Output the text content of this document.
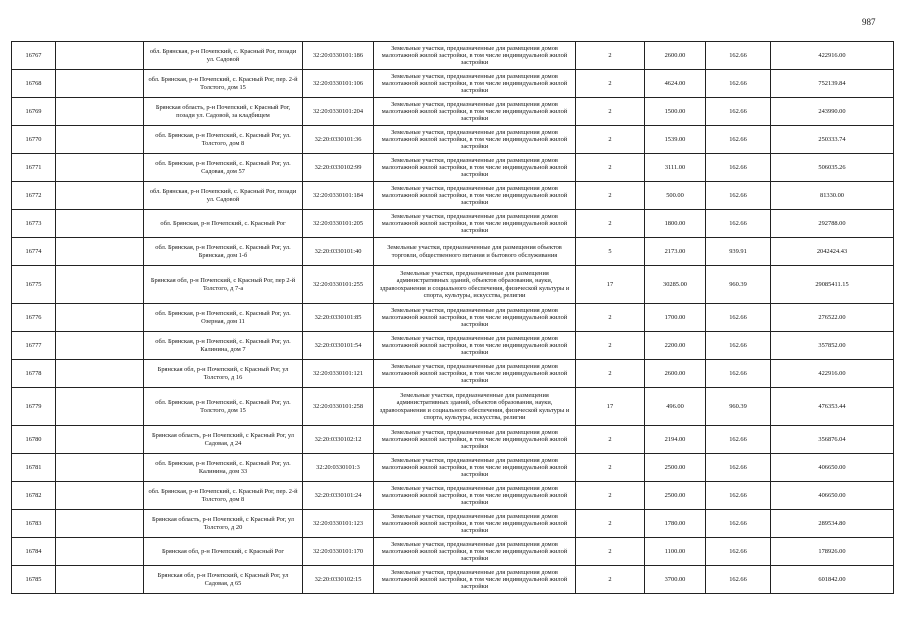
987
16767		обл. Брянская, р-н Почепский, с. Красный Рог, позади ул. Садовой	32:20:0330101:186	Земельные участки, предназначенные для размещения домов малоэтажной жилой застройки, в том числе индивидуальной жилой застройки	2	2600.00	162.66	422916.00
16768		обл. Брянская, р-н Почепский, с. Красный Рог, пер. 2-й Толстого, дом 15	32:20:0330101:106	Земельные участки, предназначенные для размещения домов малоэтажной жилой застройки, в том числе индивидуальной жилой застройки	2	4624.00	162.66	752139.84
16769		Брянская область, р-н Почепский, с Красный Рог, позади ул. Садовой, за кладбищем	32:20:0330101:204	Земельные участки, предназначенные для размещения домов малоэтажной жилой застройки, в том числе индивидуальной жилой застройки	2	1500.00	162.66	243990.00
16770		обл. Брянская, р-н Почепский, с. Красный Рог, ул. Толстого, дом 8	32:20:0330101:36	Земельные участки, предназначенные для размещения домов малоэтажной жилой застройки, в том числе индивидуальной жилой застройки	2	1539.00	162.66	250333.74
16771		обл. Брянская, р-н Почепский, с. Красный Рог, ул. Садовая, дом 57	32:20:0330102:99	Земельные участки, предназначенные для размещения домов малоэтажной жилой застройки, в том числе индивидуальной жилой застройки	2	3111.00	162.66	506035.26
16772		обл. Брянская, р-н Почепский, с. Красный Рог, позади ул. Садовой	32:20:0330101:184	Земельные участки, предназначенные для размещения домов малоэтажной жилой застройки, в том числе индивидуальной жилой застройки	2	500.00	162.66	81330.00
16773		обл. Брянская, р-н Почепский, с. Красный Рог	32:20:0330101:205	Земельные участки, предназначенные для размещения домов малоэтажной жилой застройки, в том числе индивидуальной жилой застройки	2	1800.00	162.66	292788.00
16774		обл. Брянская, р-н Почепский, с. Красный Рог, ул. Брянская, дом 1-б	32:20:0330101:40	Земельные участки, предназначенные для размещения объектов торговли, общественного питания и бытового обслуживания	5	2173.00	939.91	2042424.43
16775		Брянская обл, р-н Почепский, с Красный Рог, пер 2-й Толстого, д 7-а	32:20:0330101:255	Земельные участки, предназначенные для размещения административных зданий, объектов образования, науки, здравоохранения и социального обеспечения, физической культуры и спорта, культуры, искусства, религии	17	30285.00	960.39	29085411.15
16776		обл. Брянская, р-н Почепский, с. Красный Рог, ул. Озерная, дом 11	32:20:0330101:85	Земельные участки, предназначенные для размещения домов малоэтажной жилой застройки, в том числе индивидуальной жилой застройки	2	1700.00	162.66	276522.00
16777		обл. Брянская, р-н Почепский, с. Красный Рог, ул. Калинина, дом 7	32:20:0330101:54	Земельные участки, предназначенные для размещения домов малоэтажной жилой застройки, в том числе индивидуальной жилой застройки	2	2200.00	162.66	357852.00
16778		Брянская обл, р-н Почепский, с Красный Рог, ул Толстого, д 16	32:20:0330101:121	Земельные участки, предназначенные для размещения домов малоэтажной жилой застройки, в том числе индивидуальной жилой застройки	2	2600.00	162.66	422916.00
16779		обл. Брянская, р-н Почепский, с. Красный Рог, ул. Толстого, дом 15	32:20:0330101:258	Земельные участки, предназначенные для размещения административных зданий, объектов образования, науки, здравоохранения и социального обеспечения, физической культуры и спорта, культуры, искусства, религии	17	496.00	960.39	476353.44
16780		Брянская область, р-н Почепский, с Красный Рог, ул Садовая, д 24	32:20:0330102:12	Земельные участки, предназначенные для размещения домов малоэтажной жилой застройки, в том числе индивидуальной жилой застройки	2	2194.00	162.66	356876.04
16781		обл. Брянская, р-н Почепский, с. Красный Рог, ул. Калинина, дом 33	32:20:0330101:3	Земельные участки, предназначенные для размещения домов малоэтажной жилой застройки, в том числе индивидуальной жилой застройки	2	2500.00	162.66	406650.00
16782		обл. Брянская, р-н Почепский, с. Красный Рог, пер. 2-й Толстого, дом 8	32:20:0330101:24	Земельные участки, предназначенные для размещения домов малоэтажной жилой застройки, в том числе индивидуальной жилой застройки	2	2500.00	162.66	406650.00
16783		Брянская область, р-н Почепский, с Красный Рог, ул Толстого, д 20	32:20:0330101:123	Земельные участки, предназначенные для размещения домов малоэтажной жилой застройки, в том числе индивидуальной жилой застройки	2	1780.00	162.66	289534.80
16784		Брянская обл, р-н Почепский, с Красный Рог	32:20:0330101:170	Земельные участки, предназначенные для размещения домов малоэтажной жилой застройки, в том числе индивидуальной жилой застройки	2	1100.00	162.66	178926.00
16785		Брянская обл, р-н Почепский, с Красный Рог, ул Садовая, д 65	32:20:0330102:15	Земельные участки, предназначенные для размещения домов малоэтажной жилой застройки, в том числе индивидуальной жилой застройки	2	3700.00	162.66	601842.00
